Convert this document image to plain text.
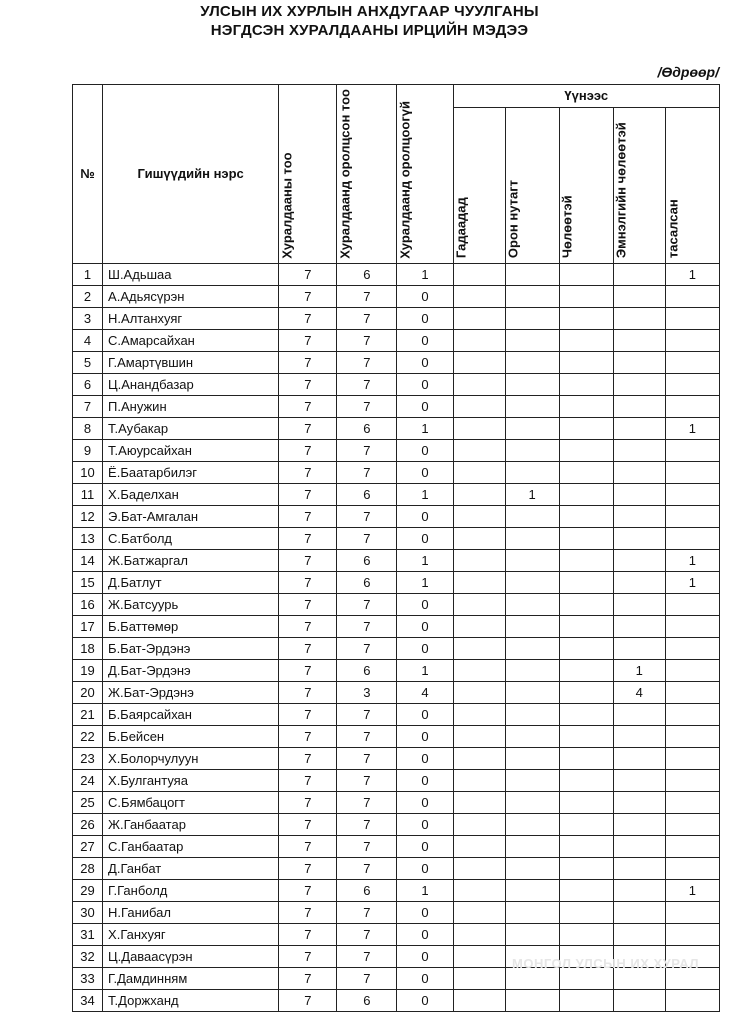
УЛСЫН ИХ ХУРЛЫН АНХДУГААР ЧУУЛГАНЫ
НЭГДСЭН ХУРАЛДААНЫ ИРЦИЙН МЭДЭЭ
/Өдрөөр/
№	Гишүүдийн нэрс	Хуралдааны тоо	Хуралдаанд оролцсон тоо	Хуралдаанд оролцоогүй	Үүнээс				
					Гадаадад	Орон нутагт	Чөлөөтэй	Эмнэлгийн чөлөөтэй	тасалсан
1	Ш.Адьшаа	7	6	1					1
2	А.Адьясүрэн	7	7	0					
3	Н.Алтанхуяг	7	7	0					
4	С.Амарсайхан	7	7	0					
5	Г.Амартүвшин	7	7	0					
6	Ц.Анандбазар	7	7	0					
7	П.Анужин	7	7	0					
8	Т.Аубакар	7	6	1					1
9	Т.Аюурсайхан	7	7	0					
10	Ё.Баатарбилэг	7	7	0					
11	Х.Баделхан	7	6	1		1			
12	Э.Бат-Амгалан	7	7	0					
13	С.Батболд	7	7	0					
14	Ж.Батжаргал	7	6	1					1
15	Д.Батлут	7	6	1					1
16	Ж.Батсуурь	7	7	0					
17	Б.Баттөмөр	7	7	0					
18	Б.Бат-Эрдэнэ	7	7	0					
19	Д.Бат-Эрдэнэ	7	6	1				1	
20	Ж.Бат-Эрдэнэ	7	3	4				4	
21	Б.Баярсайхан	7	7	0					
22	Б.Бейсен	7	7	0					
23	Х.Болорчулуун	7	7	0					
24	Х.Булгантуяа	7	7	0					
25	С.Бямбацогт	7	7	0					
26	Ж.Ганбаатар	7	7	0					
27	С.Ганбаатар	7	7	0					
28	Д.Ганбат	7	7	0					
29	Г.Ганболд	7	6	1					1
30	Н.Ганибал	7	7	0					
31	Х.Ганхуяг	7	7	0					
32	Ц.Даваасүрэн	7	7	0					
33	Г.Дамдинням	7	7	0					
34	Т.Доржханд	7	6	0					
МОНГОЛ УЛСЫН ИХ ХУРАЛ
